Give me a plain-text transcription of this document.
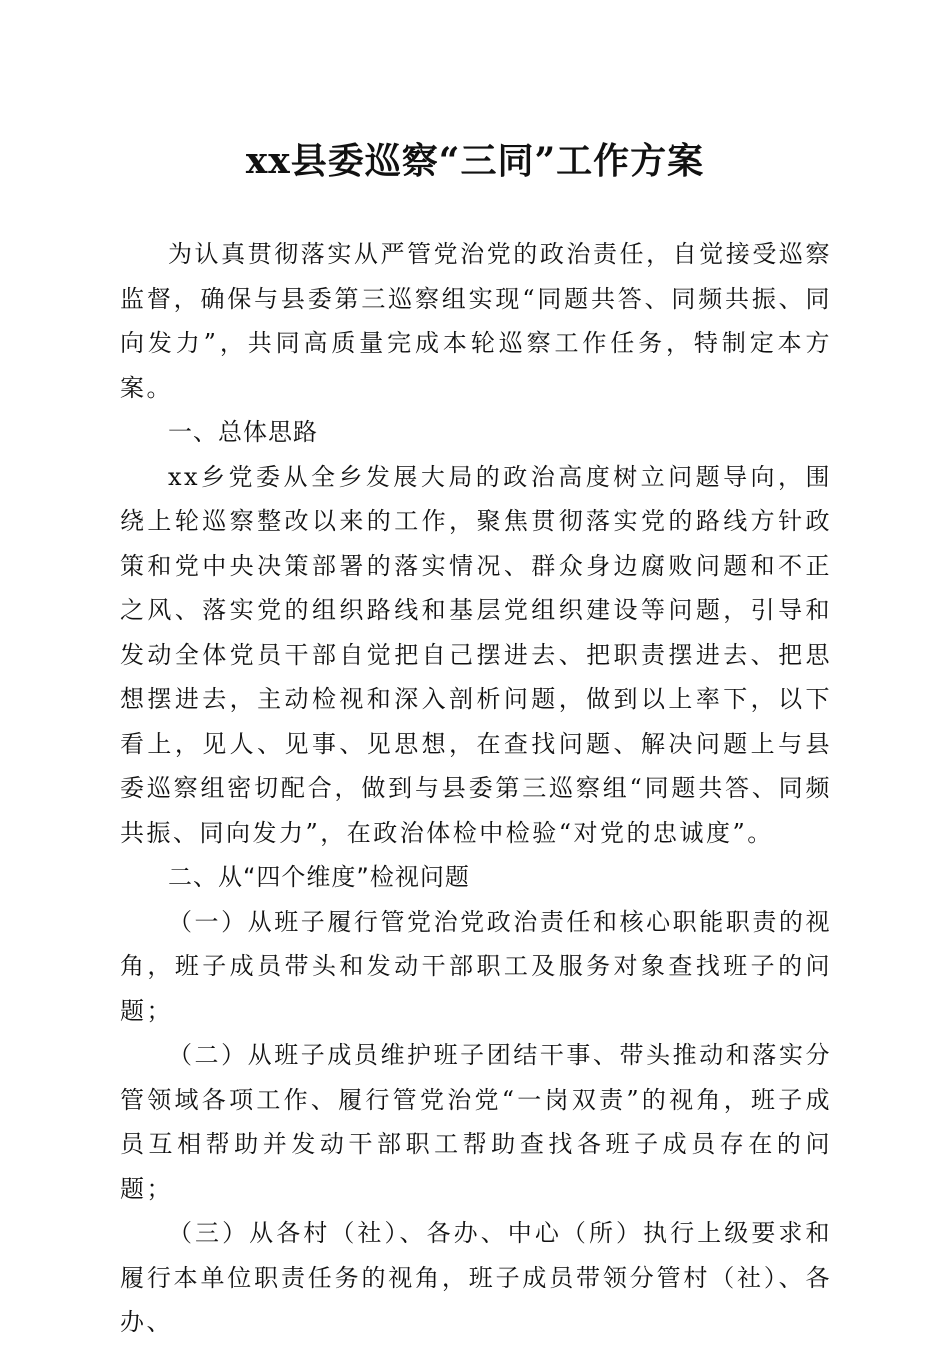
xx县委巡察“三同”工作方案

为认真贯彻落实从严管党治党的政治责任，自觉接受巡察监督，确保与县委第三巡察组实现“同题共答、同频共振、同向发力”，共同高质量完成本轮巡察工作任务，特制定本方案。

一、总体思路

xx乡党委从全乡发展大局的政治高度树立问题导向，围绕上轮巡察整改以来的工作，聚焦贯彻落实党的路线方针政策和党中央决策部署的落实情况、群众身边腐败问题和不正之风、落实党的组织路线和基层党组织建设等问题，引导和发动全体党员干部自觉把自己摆进去、把职责摆进去、把思想摆进去，主动检视和深入剖析问题，做到以上率下，以下看上，见人、见事、见思想，在查找问题、解决问题上与县委巡察组密切配合，做到与县委第三巡察组“同题共答、同频共振、同向发力”，在政治体检中检验“对党的忠诚度”。

二、从“四个维度”检视问题

（一）从班子履行管党治党政治责任和核心职能职责的视角，班子成员带头和发动干部职工及服务对象查找班子的问题；

（二）从班子成员维护班子团结干事、带头推动和落实分管领域各项工作、履行管党治党“一岗双责”的视角，班子成员互相帮助并发动干部职工帮助查找各班子成员存在的问题；

（三）从各村（社）、各办、中心（所）执行上级要求和履行本单位职责任务的视角，班子成员带领分管村（社）、各办、
